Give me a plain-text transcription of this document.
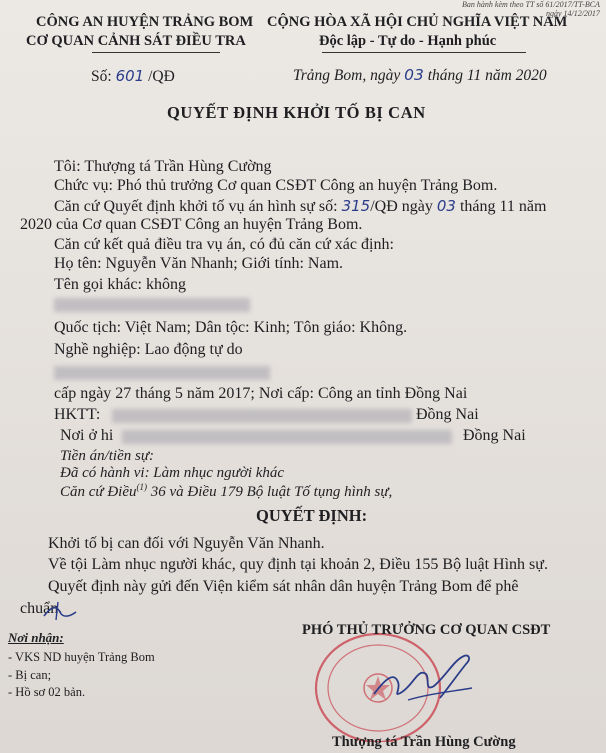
Ban hành kèm theo TT số 61/2017/TT-BCA
ngày 14/12/2017
CÔNG AN HUYỆN TRẢNG BOM
CƠ QUAN CẢNH SÁT ĐIỀU TRA
CỘNG HÒA XÃ HỘI CHỦ NGHĨA VIỆT NAM
Độc lập - Tự do - Hạnh phúc
Số: 601 /QĐ	Trảng Bom, ngày 03 tháng 11 năm 2020
QUYẾT ĐỊNH KHỞI TỐ BỊ CAN
Tôi: Thượng tá Trần Hùng Cường
Chức vụ: Phó thủ trưởng Cơ quan CSĐT Công an huyện Trảng Bom.
Căn cứ Quyết định khởi tố vụ án hình sự số: 315/QĐ ngày 03 tháng 11 năm
2020 của Cơ quan CSĐT Công an huyện Trảng Bom.
Căn cứ kết quả điều tra vụ án, có đủ căn cứ xác định:
Họ tên: Nguyễn Văn Nhanh; Giới tính: Nam.
Tên gọi khác: không
Quốc tịch: Việt Nam; Dân tộc: Kinh; Tôn giáo: Không.
Nghề nghiệp: Lao động tự do
cấp ngày 27 tháng 5 năm 2017; Nơi cấp: Công an tỉnh Đồng Nai
HKTT:	Đồng Nai
Nơi ở hi	Đồng Nai
Tiền án/tiền sự:
Đã có hành vi: Làm nhục người khác
Căn cứ Điều$^{(1)}$ 36 và Điều 179 Bộ luật Tố tụng hình sự,
QUYẾT ĐỊNH:
Khởi tố bị can đối với Nguyễn Văn Nhanh.
Về tội Làm nhục người khác, quy định tại khoản 2, Điều 155 Bộ luật Hình sự.
Quyết định này gửi đến Viện kiểm sát nhân dân huyện Trảng Bom để phê
chuẩn.
Nơi nhận:
- VKS ND huyện Trảng Bom
- Bị can;
- Hồ sơ 02 bản.
PHÓ THỦ TRƯỞNG CƠ QUAN CSĐT
Thượng tá Trần Hùng Cường
